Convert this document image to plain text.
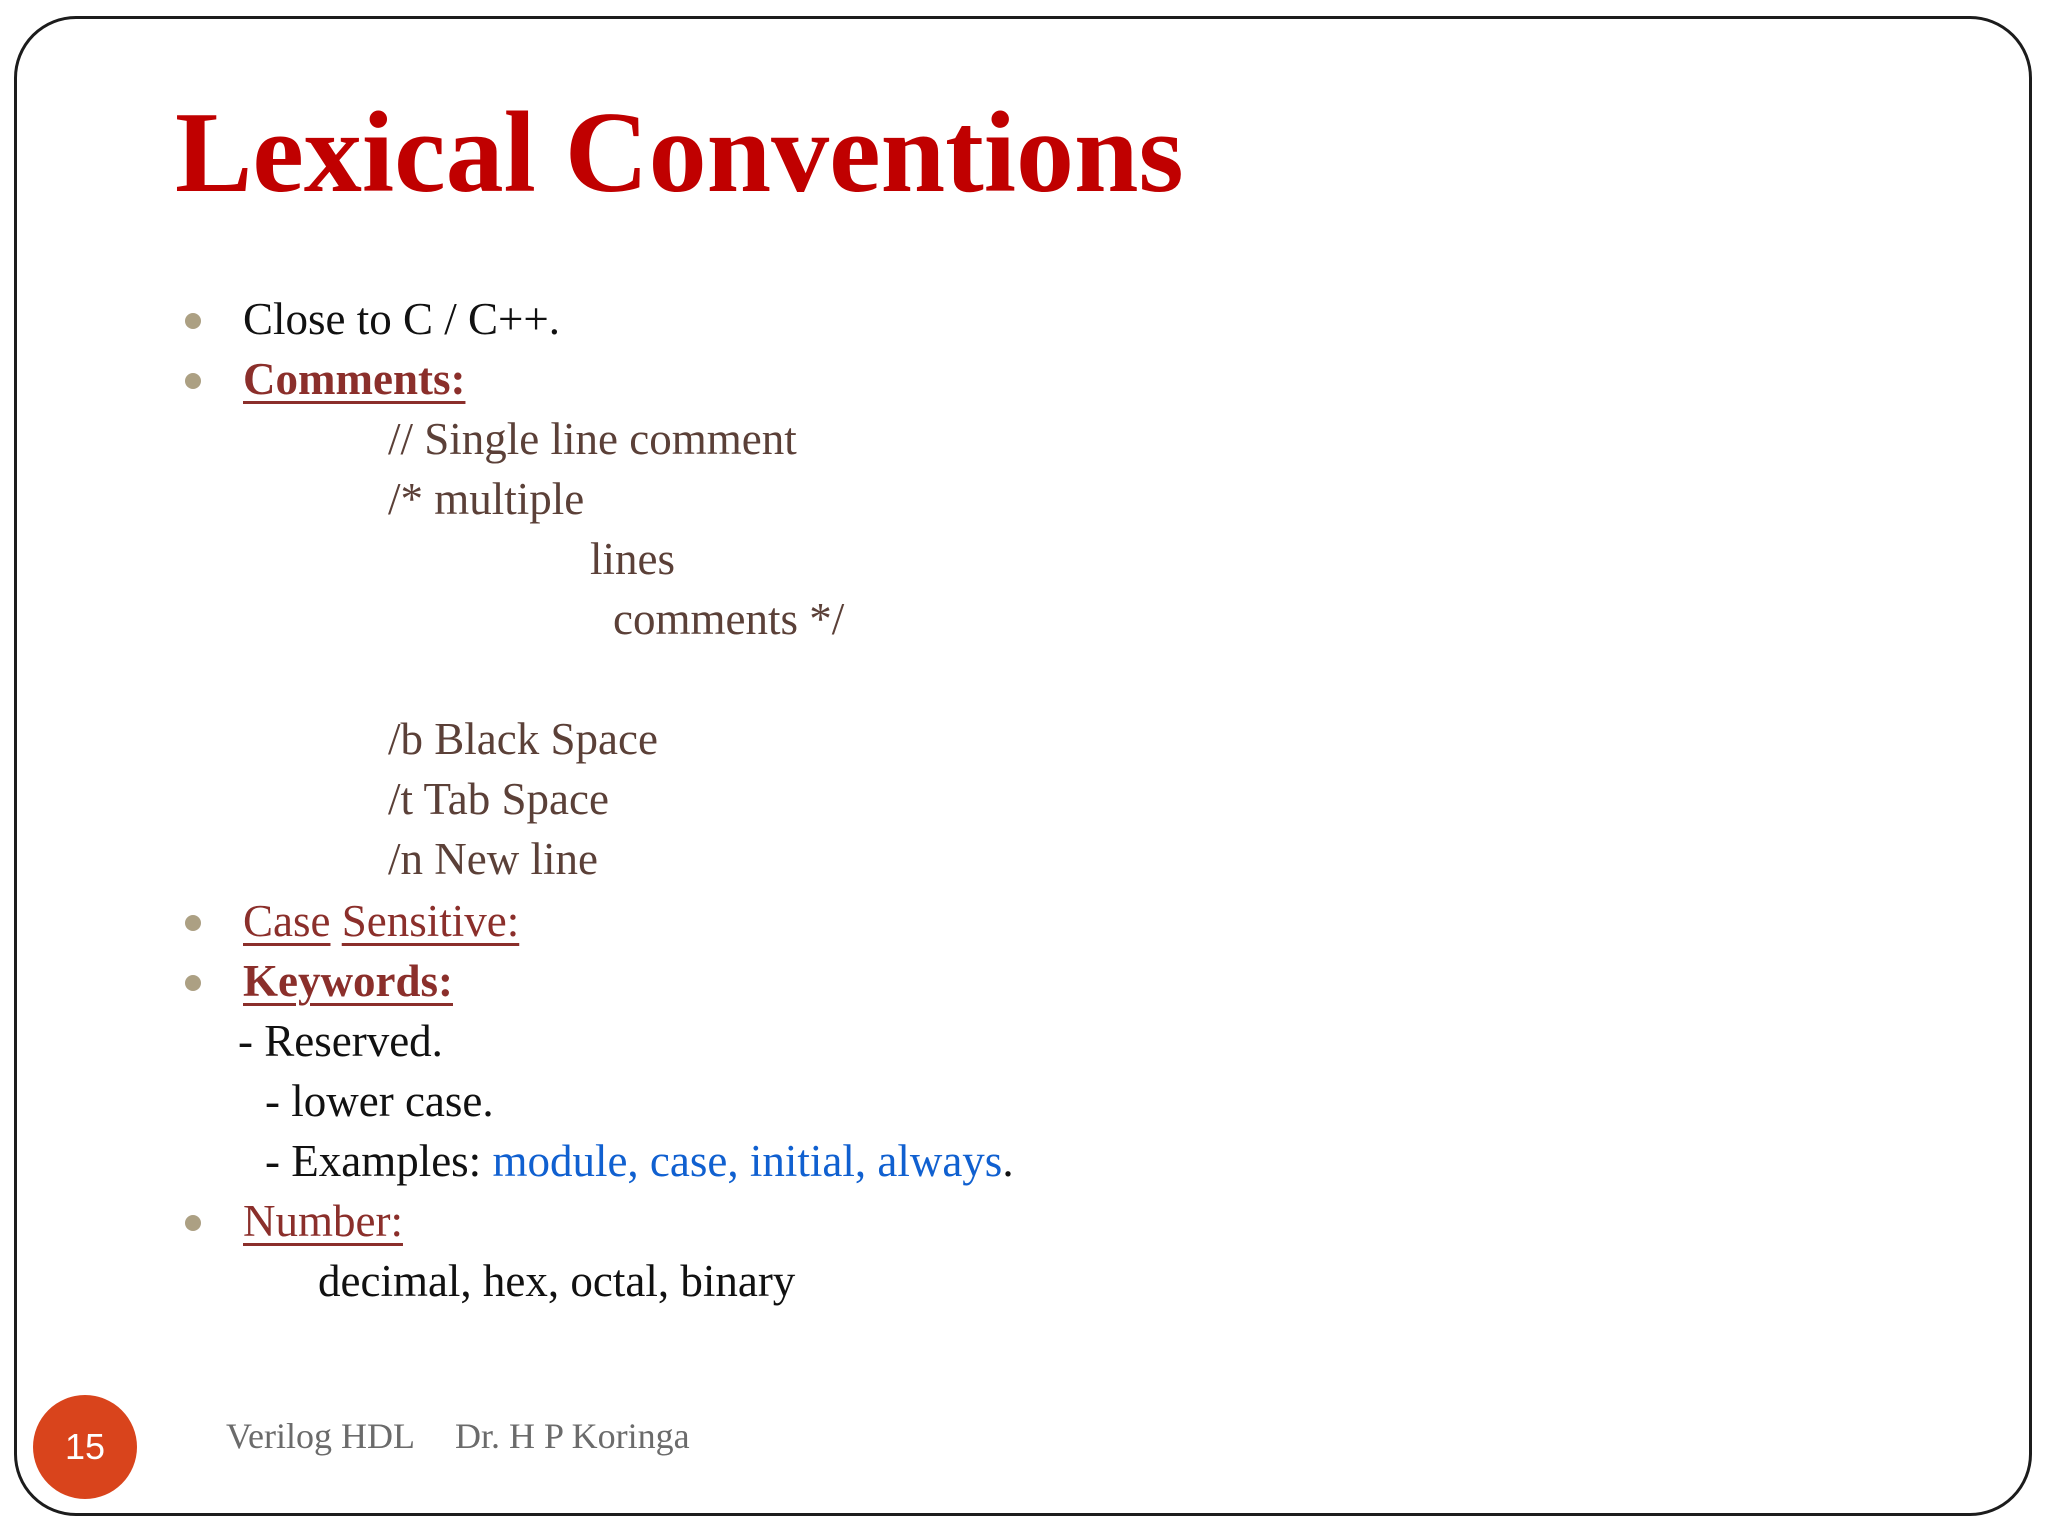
Lexical Conventions
Close to C / C++.
Comments:
// Single line comment
/* multiple
lines
comments */
/b Black Space
/t Tab Space
/n New line
Case Sensitive:
Keywords:
- Reserved.
- lower case.
- Examples: module, case, initial, always.
Number:
decimal, hex, octal, binary
15	Verilog HDL Dr. H P Koringa
